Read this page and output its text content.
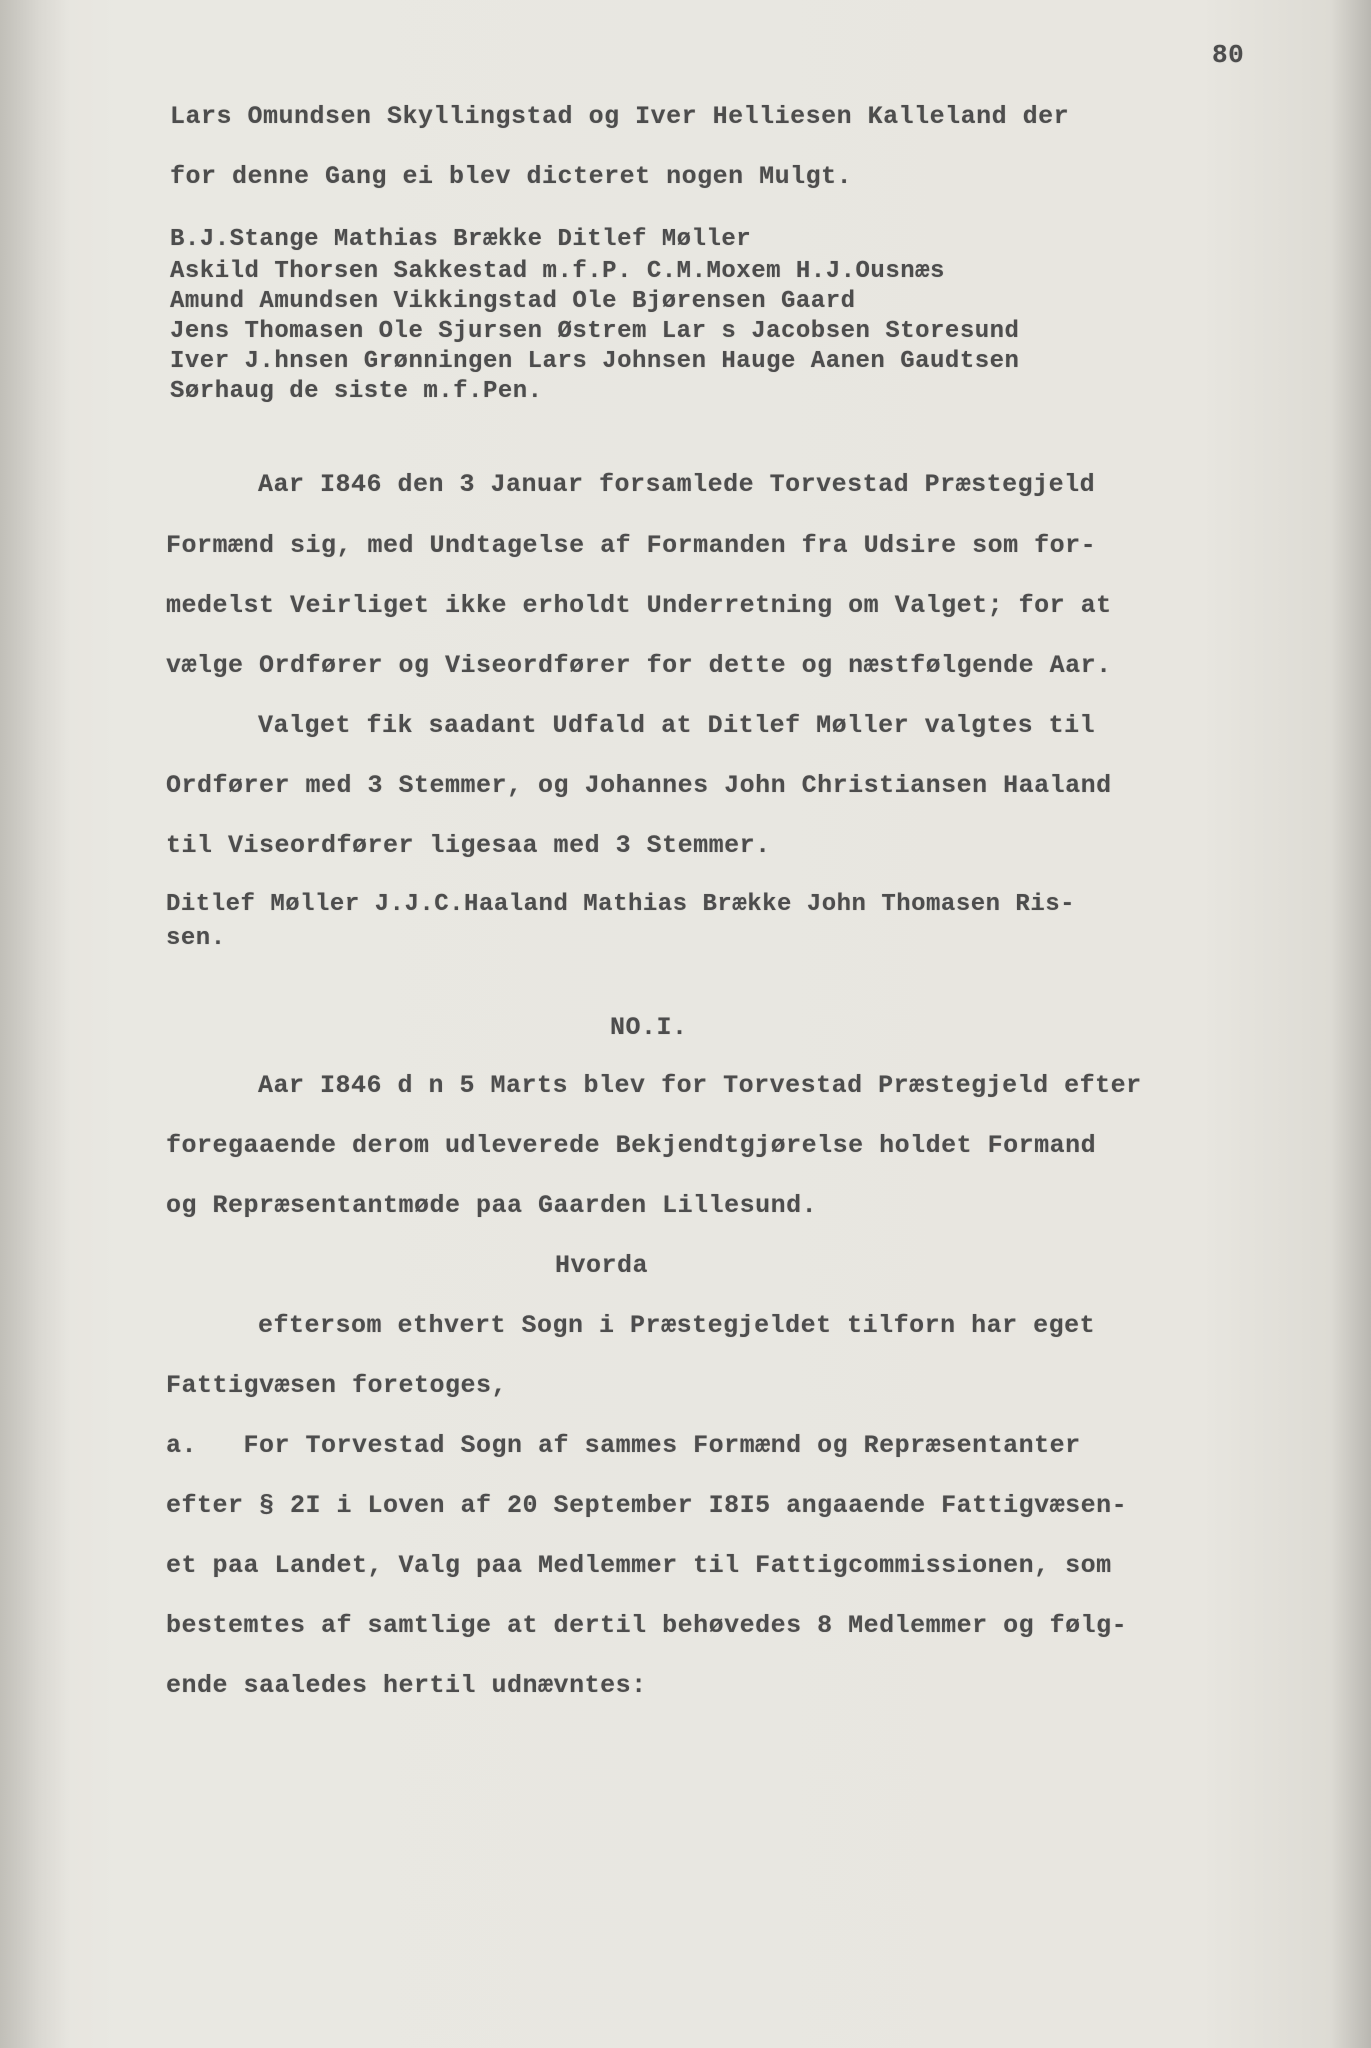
80
Lars Omundsen Skyllingstad og Iver Helliesen Kalleland der
for denne Gang ei blev dicteret nogen Mulgt.
B.J.Stange Mathias Brække Ditlef Møller
Askild Thorsen Sakkestad m.f.P. C.M.Moxem H.J.Ousnæs
Amund Amundsen Vikkingstad Ole Bjørensen Gaard
Jens Thomasen Ole Sjursen Østrem Lar s Jacobsen Storesund
Iver J.hnsen Grønningen Lars Johnsen Hauge Aanen Gaudtsen
Sørhaug de siste m.f.Pen.
Aar I846 den 3 Januar forsamlede Torvestad Præstegjeld
Formænd sig, med Undtagelse af Formanden fra Udsire som for-
medelst Veirliget ikke erholdt Underretning om Valget; for at
vælge Ordfører og Viseordfører for dette og næstfølgende Aar.
Valget fik saadant Udfald at Ditlef Møller valgtes til
Ordfører med 3 Stemmer, og Johannes John Christiansen Haaland
til Viseordfører ligesaa med 3 Stemmer.
Ditlef Møller J.J.C.Haaland Mathias Brække John Thomasen Ris-
sen.
NO.I.
Aar I846 d n 5 Marts blev for Torvestad Præstegjeld efter
foregaaende derom udleverede Bekjendtgjørelse holdet Formand
og Repræsentantmøde paa Gaarden Lillesund.
Hvorda
eftersom ethvert Sogn i Præstegjeldet tilforn har eget
Fattigvæsen foretoges,
a.   For Torvestad Sogn af sammes Formænd og Repræsentanter
efter § 2I i Loven af 20 September I8I5 angaaende Fattigvæsen-
et paa Landet, Valg paa Medlemmer til Fattigcommissionen, som
bestemtes af samtlige at dertil behøvedes 8 Medlemmer og følg-
ende saaledes hertil udnævntes:
